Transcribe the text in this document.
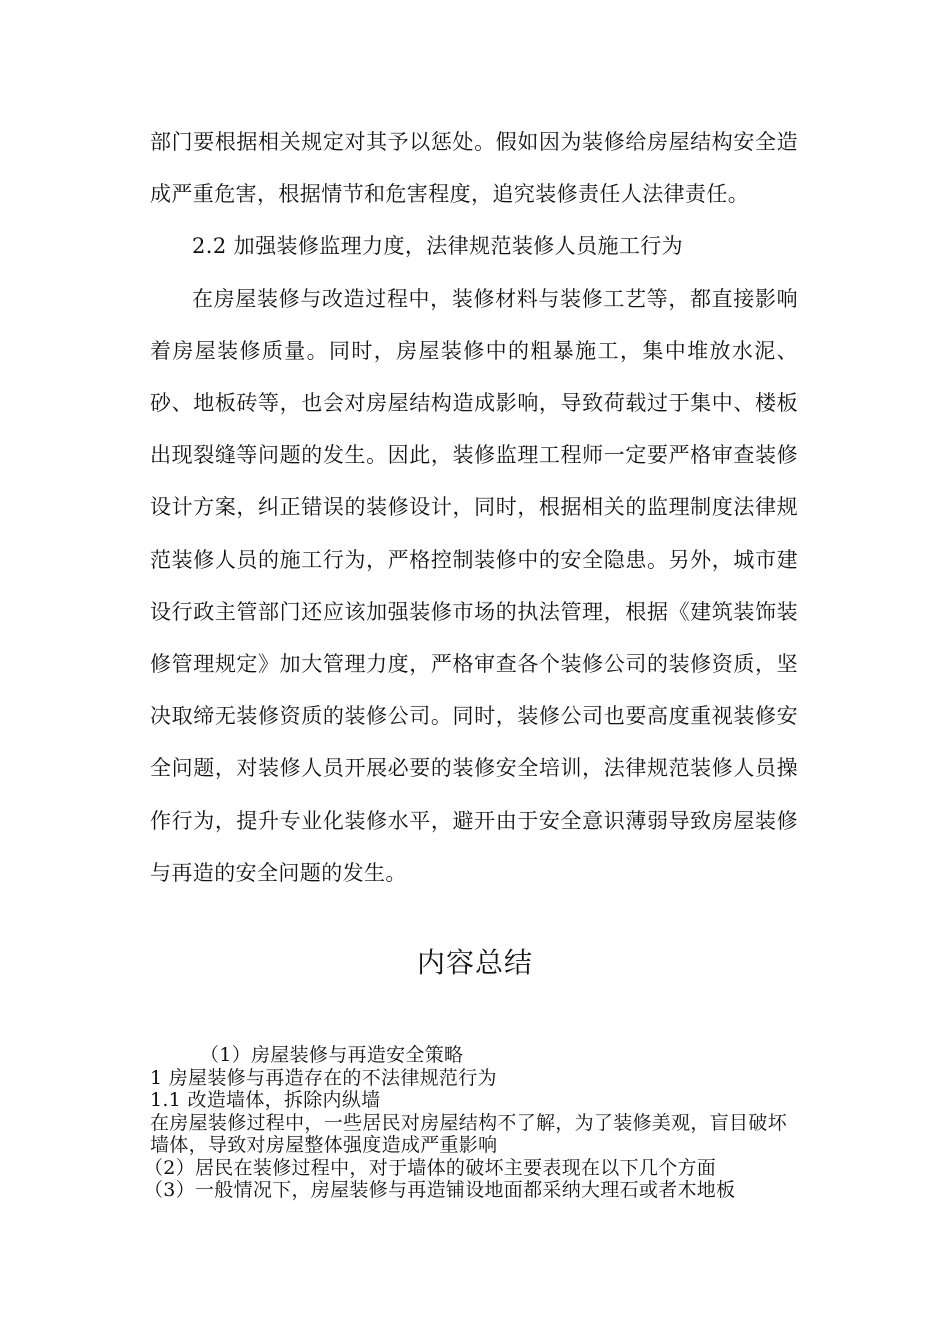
部门要根据相关规定对其予以惩处。假如因为装修给房屋结构安全造成严重危害，根据情节和危害程度，追究装修责任人法律责任。

2.2 加强装修监理力度，法律规范装修人员施工行为

在房屋装修与改造过程中，装修材料与装修工艺等，都直接影响着房屋装修质量。同时，房屋装修中的粗暴施工，集中堆放水泥、砂、地板砖等，也会对房屋结构造成影响，导致荷载过于集中、楼板出现裂缝等问题的发生。因此，装修监理工程师一定要严格审查装修设计方案，纠正错误的装修设计，同时，根据相关的监理制度法律规范装修人员的施工行为，严格控制装修中的安全隐患。另外，城市建设行政主管部门还应该加强装修市场的执法管理，根据《建筑装饰装修管理规定》加大管理力度，严格审查各个装修公司的装修资质，坚决取缔无装修资质的装修公司。同时，装修公司也要高度重视装修安全问题，对装修人员开展必要的装修安全培训，法律规范装修人员操作行为，提升专业化装修水平，避开由于安全意识薄弱导致房屋装修与再造的安全问题的发生。

内容总结

（1）房屋装修与再造安全策略

1 房屋装修与再造存在的不法律规范行为

1.1 改造墙体，拆除内纵墙

在房屋装修过程中，一些居民对房屋结构不了解，为了装修美观，盲目破坏墙体，导致对房屋整体强度造成严重影响

（2）居民在装修过程中，对于墙体的破坏主要表现在以下几个方面

（3）一般情况下，房屋装修与再造铺设地面都采纳大理石或者木地板
